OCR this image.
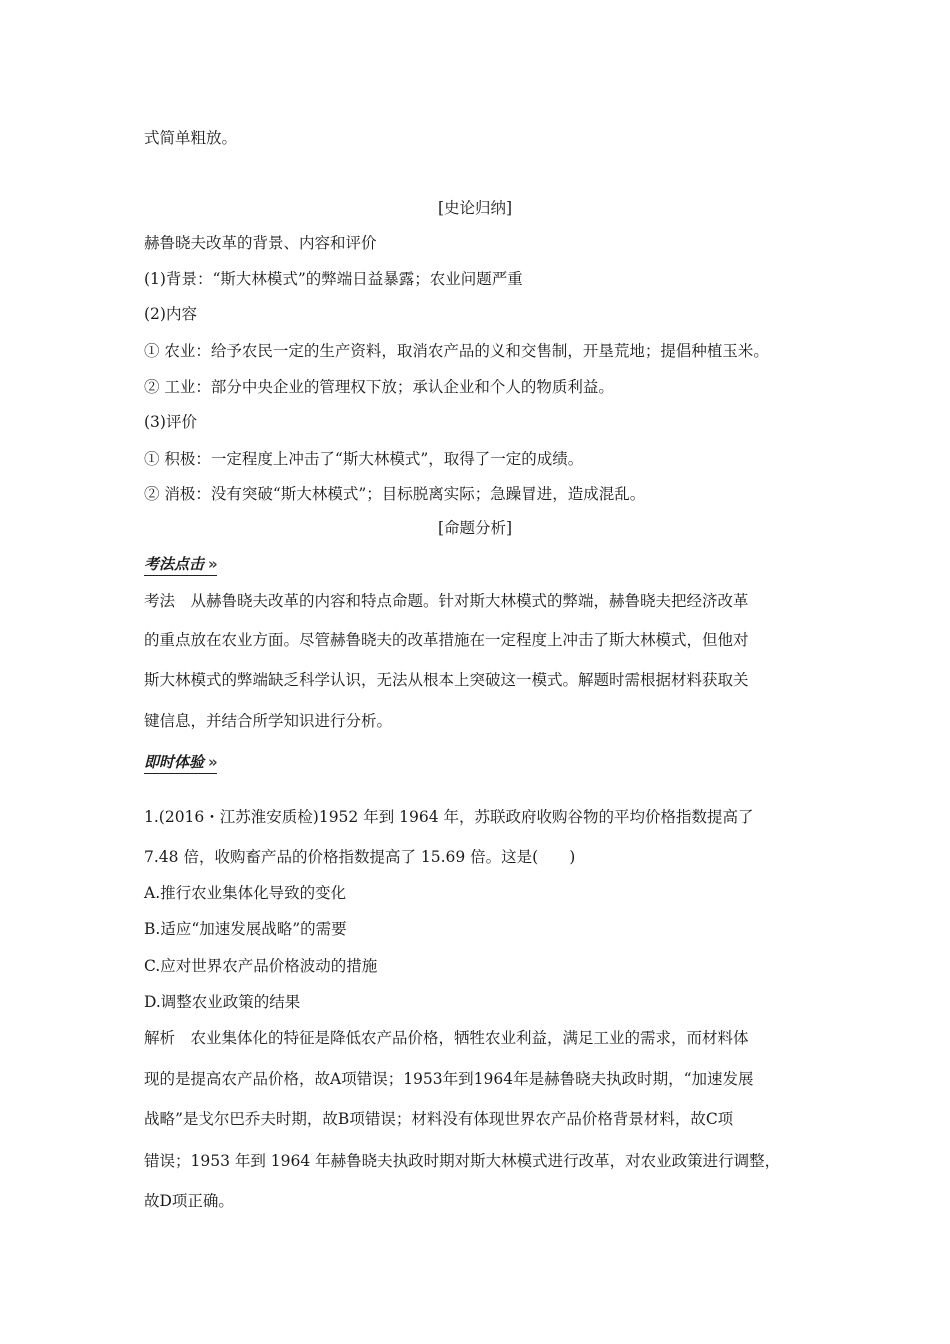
式简单粗放。
[史论归纳]
赫鲁晓夫改革的背景、内容和评价
(1)背景：“斯大林模式”的弊端日益暴露；农业问题严重
(2)内容
① 农业：给予农民一定的生产资料，取消农产品的义和交售制，开垦荒地；提倡种植玉米。
② 工业：部分中央企业的管理权下放；承认企业和个人的物质利益。
(3)评价
① 积极：一定程度上冲击了“斯大林模式”，取得了一定的成绩。
② 消极：没有突破“斯大林模式”；目标脱离实际；急躁冒进，造成混乱。
[命题分析]
考法点击 »
考法　从赫鲁晓夫改革的内容和特点命题。针对斯大林模式的弊端，赫鲁晓夫把经济改革
的重点放在农业方面。尽管赫鲁晓夫的改革措施在一定程度上冲击了斯大林模式，但他对
斯大林模式的弊端缺乏科学认识，无法从根本上突破这一模式。解题时需根据材料获取关
键信息，并结合所学知识进行分析。
即时体验 »
1.(2016・江苏淮安质检)1952 年到 1964 年，苏联政府收购谷物的平均价格指数提高了
7.48 倍，收购畜产品的价格指数提高了 15.69 倍。这是(　　)
A.推行农业集体化导致的变化
B.适应“加速发展战略”的需要
C.应对世界农产品价格波动的措施
D.调整农业政策的结果
解析　农业集体化的特征是降低农产品价格，牺牲农业利益，满足工业的需求，而材料体
现的是提高农产品价格，故A项错误；1953年到1964年是赫鲁晓夫执政时期，“加速发展
战略”是戈尔巴乔夫时期，故B项错误；材料没有体现世界农产品价格背景材料，故C项
错误；1953 年到 1964 年赫鲁晓夫执政时期对斯大林模式进行改革，对农业政策进行调整，
故D项正确。
